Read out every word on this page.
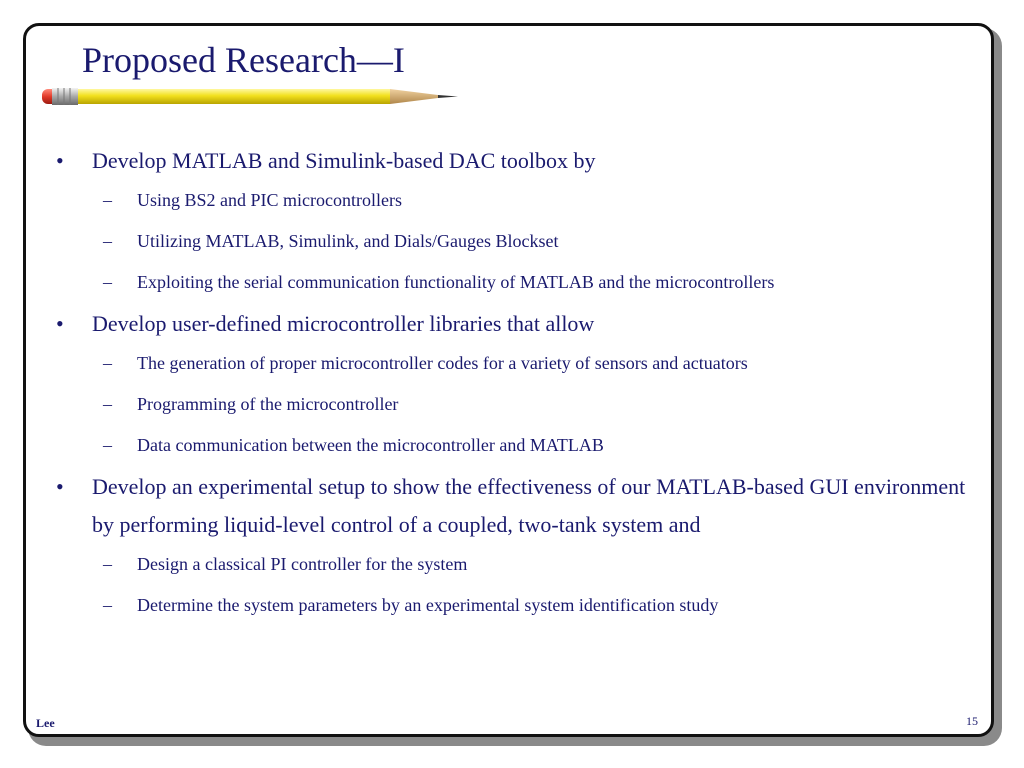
Proposed Research—I
•	Develop MATLAB and Simulink-based DAC toolbox by
– Using BS2 and PIC microcontrollers
– Utilizing MATLAB, Simulink, and Dials/Gauges Blockset
– Exploiting the serial communication functionality of MATLAB and the microcontrollers
•	Develop user-defined microcontroller libraries that allow
– The generation of proper microcontroller codes for a variety of sensors and actuators
– Programming of the microcontroller
– Data communication between the microcontroller and MATLAB
•	Develop an experimental setup to show the effectiveness of our MATLAB-based GUI environment by performing liquid-level control of a coupled, two-tank system and
– Design a classical PI controller for the system
– Determine the system parameters by an experimental system identification study
Lee	15
